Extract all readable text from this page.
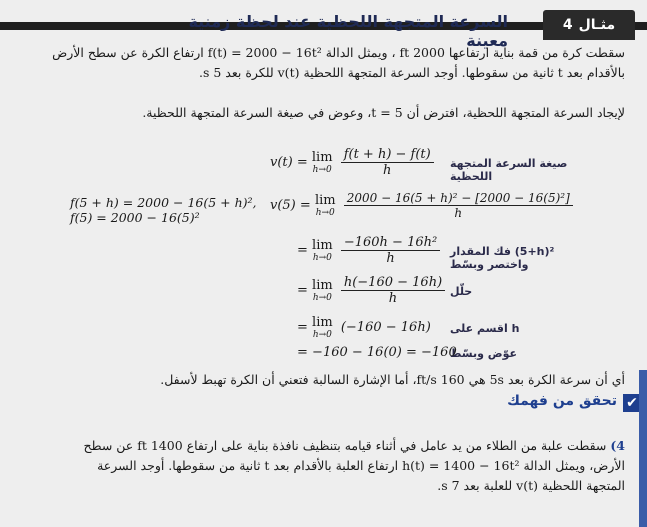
السرعة المتجهة اللحظية عند لحظة زمنية معينة
4 مثـال
سقطت كرة من قمة بناية ارتفاعها 2000 ft ، ويمثل الدالة f(t) = 2000 − 16t² ارتفاع الكرة عن سطح الأرض
بالأقدام بعد t ثانية من سقوطها. أوجد السرعة المتجهة اللحظية v(t) للكرة بعد 5 s.
لإيجاد السرعة المتجهة اللحظية، افترض أن t = 5، وعوض في صيغة السرعة المتجهة اللحظية.
صيغة السرعة المتجهة اللحظية
v(t) = lim
h→0
$\frac{f(t + h) - f(t)}{h}$
f(5 + h) = 2000 − 16(5 + h)²,
f(5) = 2000 − 16(5)²
v(5) = lim
h→0
$\frac{\text{2000 − 16(5 + h)² − [2000 − 16(5)²]}}{h}$
فك المقدار (5+h)² واختصر وبسّط
= lim
h→0
$\frac{\text{−160h − 16h²}}{h}$
حلّل
= lim
h→0
$\frac{h(-160 - 16h)}{h}$
اقسم على h
= lim
h→0 (−160 − 16h)
عوّض وبسّط
= −160 − 16(0) = −160
أي أن سرعة الكرة بعد 5s هي 160 ft/s، أما الإشارة السالبة فتعني أن الكرة تهبط لأسفل.
✔
تحقق من فهمك
4) سقطت علبة من الطلاء من يد عامل في أثناء قيامه بتنظيف نافذة بناية على ارتفاع 1400 ft عن سطح
الأرض، ويمثل الدالة h(t) = 1400 − 16t² ارتفاع العلبة بالأقدام بعد t ثانية من سقوطها. أوجد السرعة
المتجهة اللحظية v(t) للعلبة بعد 7 s.
